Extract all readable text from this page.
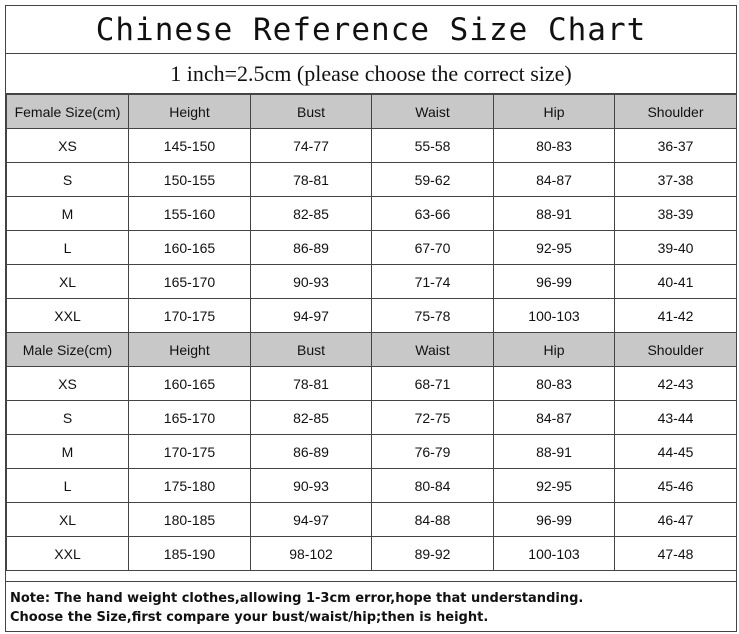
Chinese Reference Size Chart
1 inch=2.5cm (please choose the correct size)
Female Size(cm)	Height	Bust	Waist	Hip	Shoulder
XS	145-150	74-77	55-58	80-83	36-37
S	150-155	78-81	59-62	84-87	37-38
M	155-160	82-85	63-66	88-91	38-39
L	160-165	86-89	67-70	92-95	39-40
XL	165-170	90-93	71-74	96-99	40-41
XXL	170-175	94-97	75-78	100-103	41-42
Male Size(cm)	Height	Bust	Waist	Hip	Shoulder
XS	160-165	78-81	68-71	80-83	42-43
S	165-170	82-85	72-75	84-87	43-44
M	170-175	86-89	76-79	88-91	44-45
L	175-180	90-93	80-84	92-95	45-46
XL	180-185	94-97	84-88	96-99	46-47
XXL	185-190	98-102	89-92	100-103	47-48
Note: The hand weight clothes,allowing 1-3cm error,hope that understanding.
Choose the Size,first compare your bust/waist/hip;then is height.
